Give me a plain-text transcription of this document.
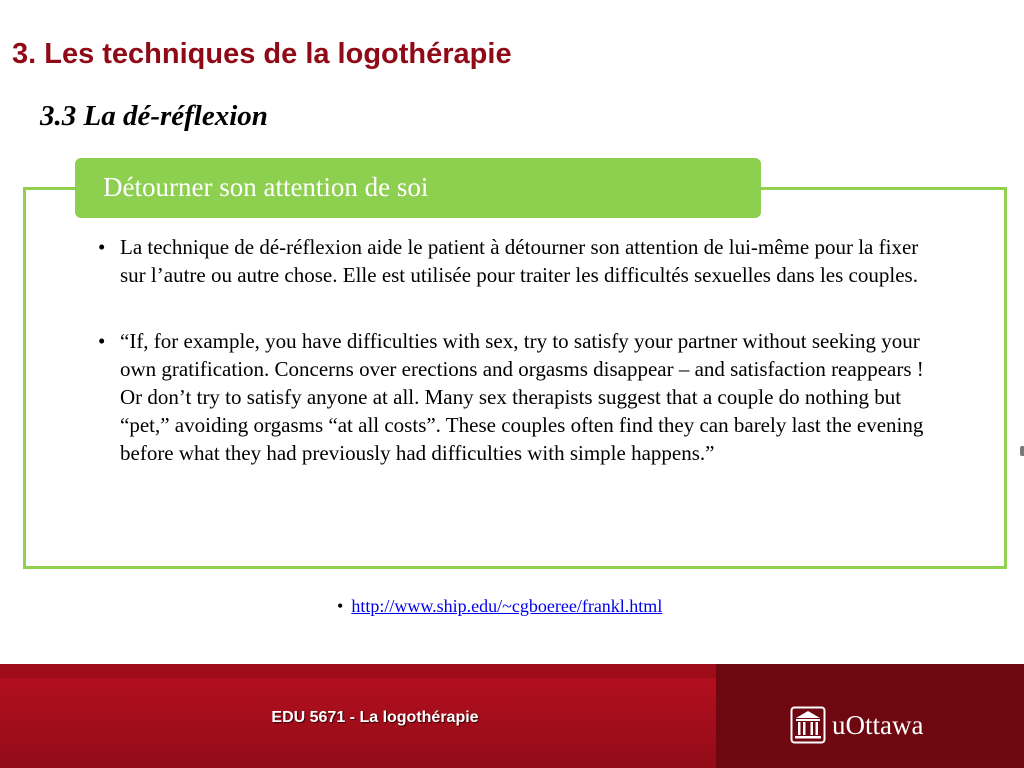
3. Les techniques de la logothérapie
3.3 La dé-réflexion
Détourner son attention de soi
• La technique de dé-réflexion aide le patient à détourner son attention de lui-même pour la fixer sur l’autre ou autre chose. Elle est utilisée pour traiter les difficultés sexuelles dans les couples.
• “If, for example, you have difficulties with sex, try to satisfy your partner without seeking your own gratification. Concerns over erections and orgasms disappear – and satisfaction reappears ! Or don’t try to satisfy anyone at all. Many sex therapists suggest that a couple do nothing but “pet,” avoiding orgasms “at all costs”. These couples often find they can barely last the evening before what they had previously had difficulties with simple happens.”
• http://www.ship.edu/~cgboeree/frankl.html
EDU 5671 - La logothérapie	uOttawa
